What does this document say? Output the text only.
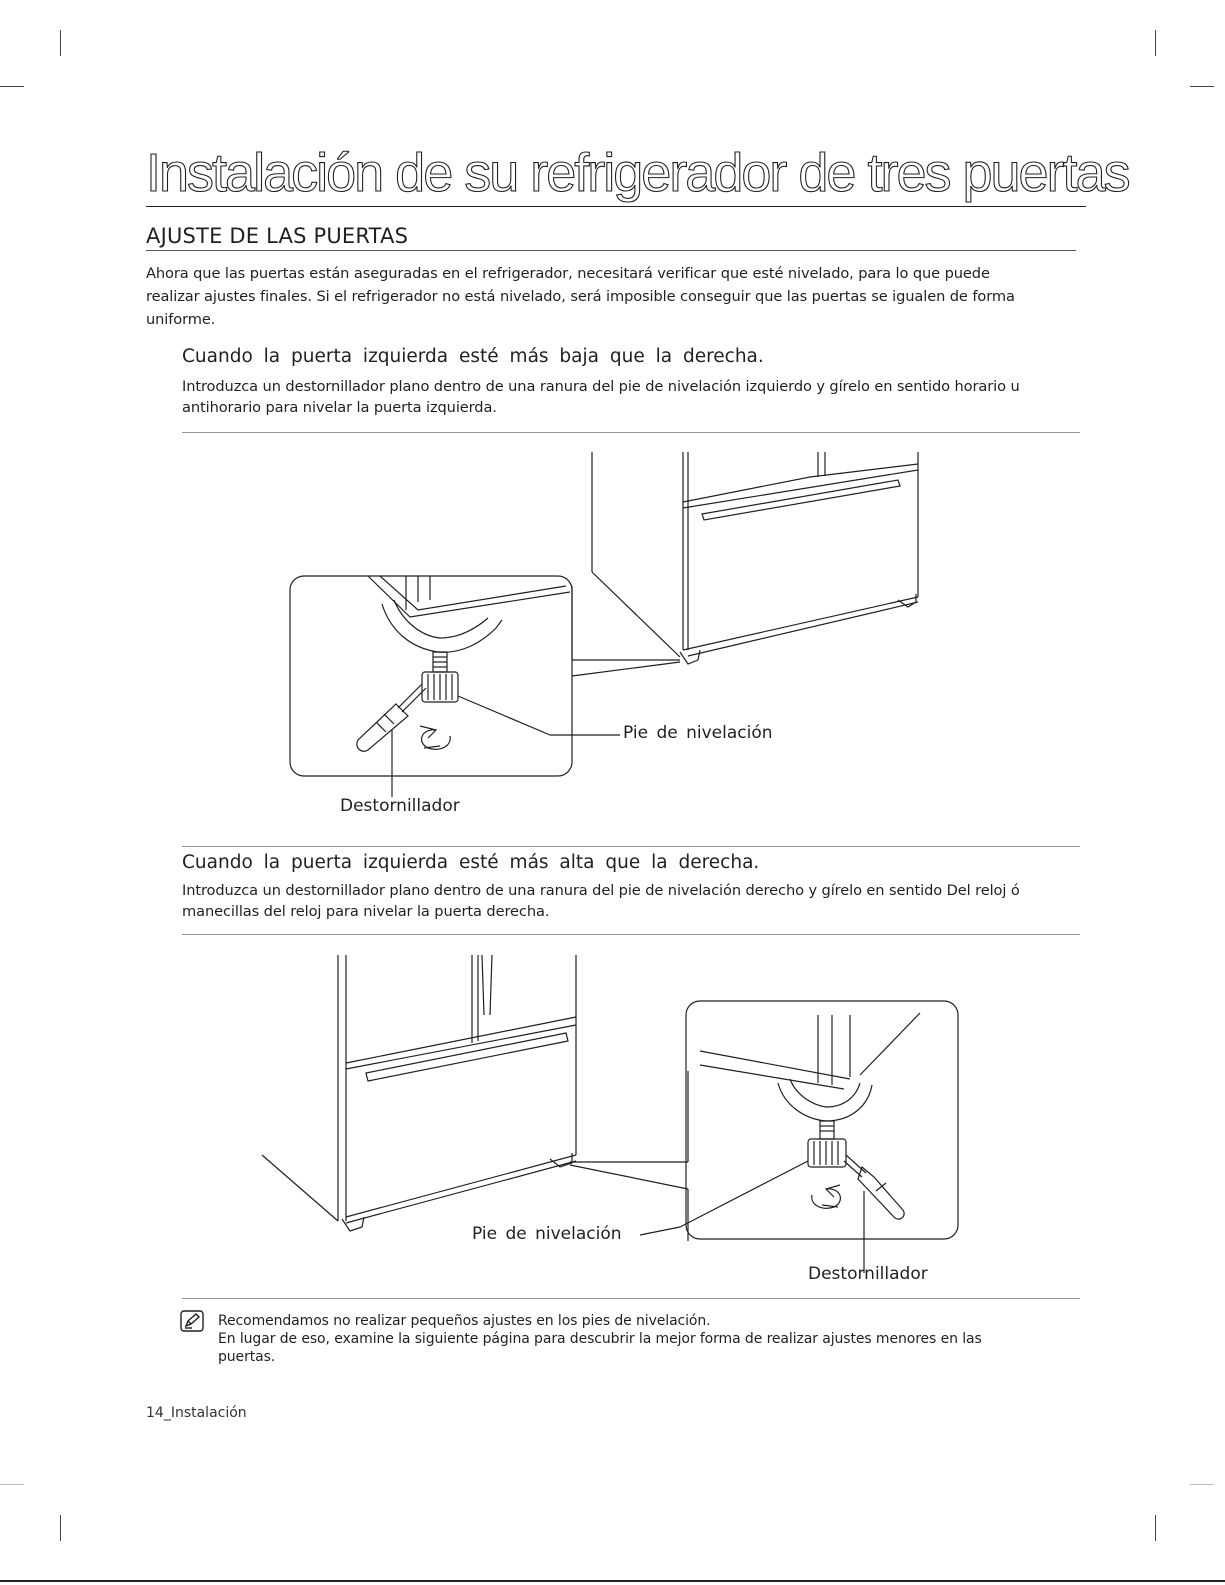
Instalación de su refrigerador de tres puertas
AJUSTE DE LAS PUERTAS
Ahora que las puertas están aseguradas en el refrigerador, necesitará verificar que esté nivelado, para lo que puede realizar ajustes finales. Si el refrigerador no está nivelado, será imposible conseguir que las puertas se igualen de forma uniforme.
Cuando la puerta izquierda esté más baja que la derecha.
Introduzca un destornillador plano dentro de una ranura del pie de nivelación izquierdo y gírelo en sentido horario u antihorario para nivelar la puerta izquierda.
Pie de nivelación
Destornillador
Cuando la puerta izquierda esté más alta que la derecha.
Introduzca un destornillador plano dentro de una ranura del pie de nivelación derecho y gírelo en sentido Del reloj ó manecillas del reloj para nivelar la puerta derecha.
Pie de nivelación
Destornillador
Recomendamos no realizar pequeños ajustes en los pies de nivelación.
En lugar de eso, examine la siguiente página para descubrir la mejor forma de realizar ajustes menores en las puertas.
14_Instalación
